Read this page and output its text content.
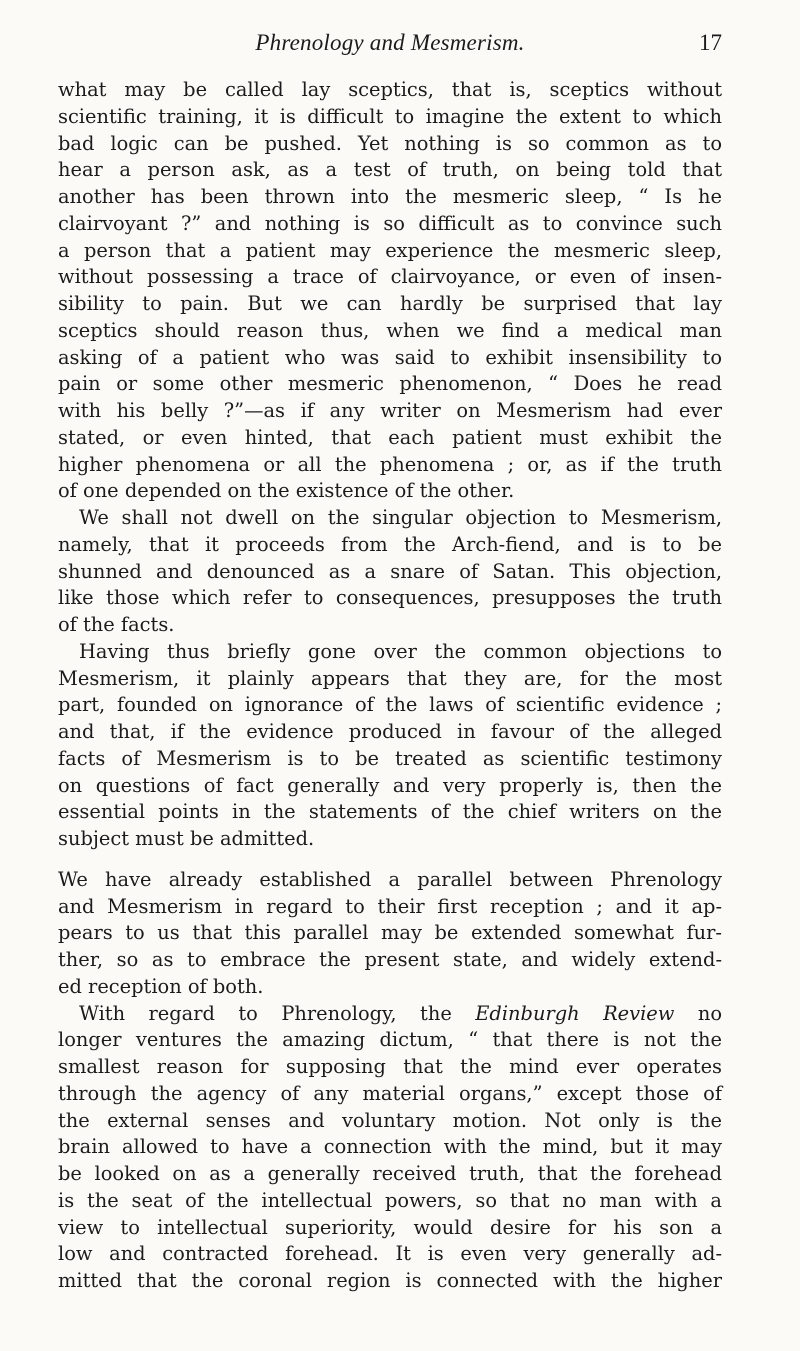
Phrenology and Mesmerism.	17
what may be called lay sceptics, that is, sceptics without
scientific training, it is difficult to imagine the extent to which
bad logic can be pushed. Yet nothing is so common as to
hear a person ask, as a test of truth, on being told that
another has been thrown into the mesmeric sleep, “ Is he
clairvoyant ?” and nothing is so difficult as to convince such
a person that a patient may experience the mesmeric sleep,
without possessing a trace of clairvoyance, or even of insen-
sibility to pain. But we can hardly be surprised that lay
sceptics should reason thus, when we find a medical man
asking of a patient who was said to exhibit insensibility to
pain or some other mesmeric phenomenon, “ Does he read
with his belly ?”—as if any writer on Mesmerism had ever
stated, or even hinted, that each patient must exhibit the
higher phenomena or all the phenomena ; or, as if the truth
of one depended on the existence of the other.
We shall not dwell on the singular objection to Mesmerism,
namely, that it proceeds from the Arch-fiend, and is to be
shunned and denounced as a snare of Satan. This objection,
like those which refer to consequences, presupposes the truth
of the facts.
Having thus briefly gone over the common objections to
Mesmerism, it plainly appears that they are, for the most
part, founded on ignorance of the laws of scientific evidence ;
and that, if the evidence produced in favour of the alleged
facts of Mesmerism is to be treated as scientific testimony
on questions of fact generally and very properly is, then the
essential points in the statements of the chief writers on the
subject must be admitted.
We have already established a parallel between Phrenology
and Mesmerism in regard to their first reception ; and it ap-
pears to us that this parallel may be extended somewhat fur-
ther, so as to embrace the present state, and widely extend-
ed reception of both.
With regard to Phrenology, the Edinburgh Review no
longer ventures the amazing dictum, “ that there is not the
smallest reason for supposing that the mind ever operates
through the agency of any material organs,” except those of
the external senses and voluntary motion. Not only is the
brain allowed to have a connection with the mind, but it may
be looked on as a generally received truth, that the forehead
is the seat of the intellectual powers, so that no man with a
view to intellectual superiority, would desire for his son a
low and contracted forehead. It is even very generally ad-
mitted that the coronal region is connected with the higher
